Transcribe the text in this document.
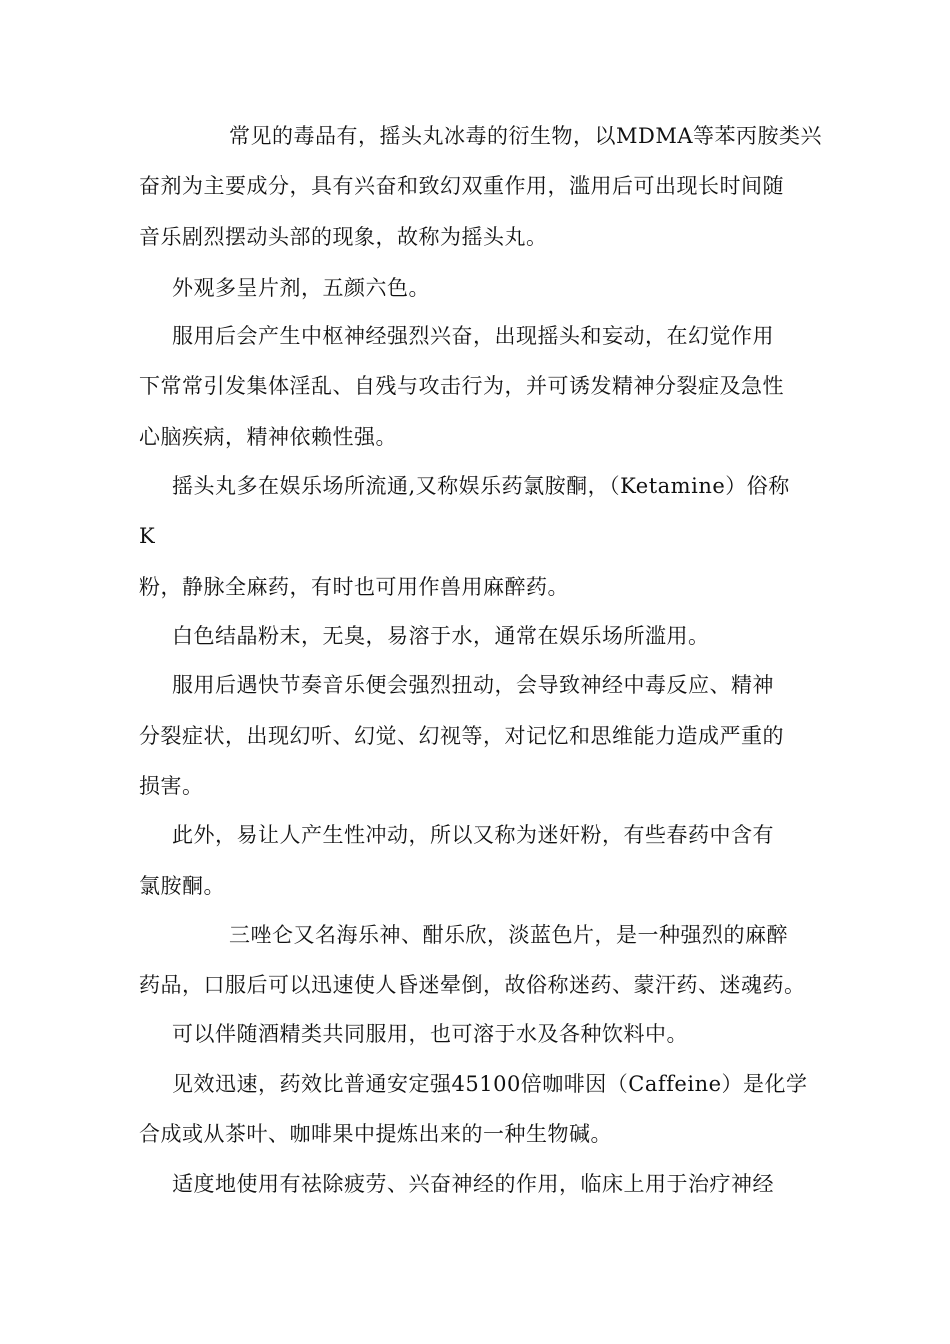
常见的毒品有，摇头丸冰毒的衍生物，以MDMA等苯丙胺类兴
奋剂为主要成分，具有兴奋和致幻双重作用，滥用后可出现长时间随
音乐剧烈摆动头部的现象，故称为摇头丸。
外观多呈片剂，五颜六色。
服用后会产生中枢神经强烈兴奋，出现摇头和妄动，在幻觉作用
下常常引发集体淫乱、自残与攻击行为，并可诱发精神分裂症及急性
心脑疾病，精神依赖性强。
摇头丸多在娱乐场所流通,又称娱乐药氯胺酮，（Ketamine）俗称
K
粉，静脉全麻药，有时也可用作兽用麻醉药。
白色结晶粉末，无臭，易溶于水，通常在娱乐场所滥用。
服用后遇快节奏音乐便会强烈扭动，会导致神经中毒反应、精神
分裂症状，出现幻听、幻觉、幻视等，对记忆和思维能力造成严重的
损害。
此外，易让人产生性冲动，所以又称为迷奸粉，有些春药中含有
氯胺酮。
三唑仑又名海乐神、酣乐欣，淡蓝色片，是一种强烈的麻醉
药品，口服后可以迅速使人昏迷晕倒，故俗称迷药、蒙汗药、迷魂药。
可以伴随酒精类共同服用，也可溶于水及各种饮料中。
见效迅速，药效比普通安定强45100倍咖啡因（Caffeine）是化学
合成或从茶叶、咖啡果中提炼出来的一种生物碱。
适度地使用有祛除疲劳、兴奋神经的作用，临床上用于治疗神经
